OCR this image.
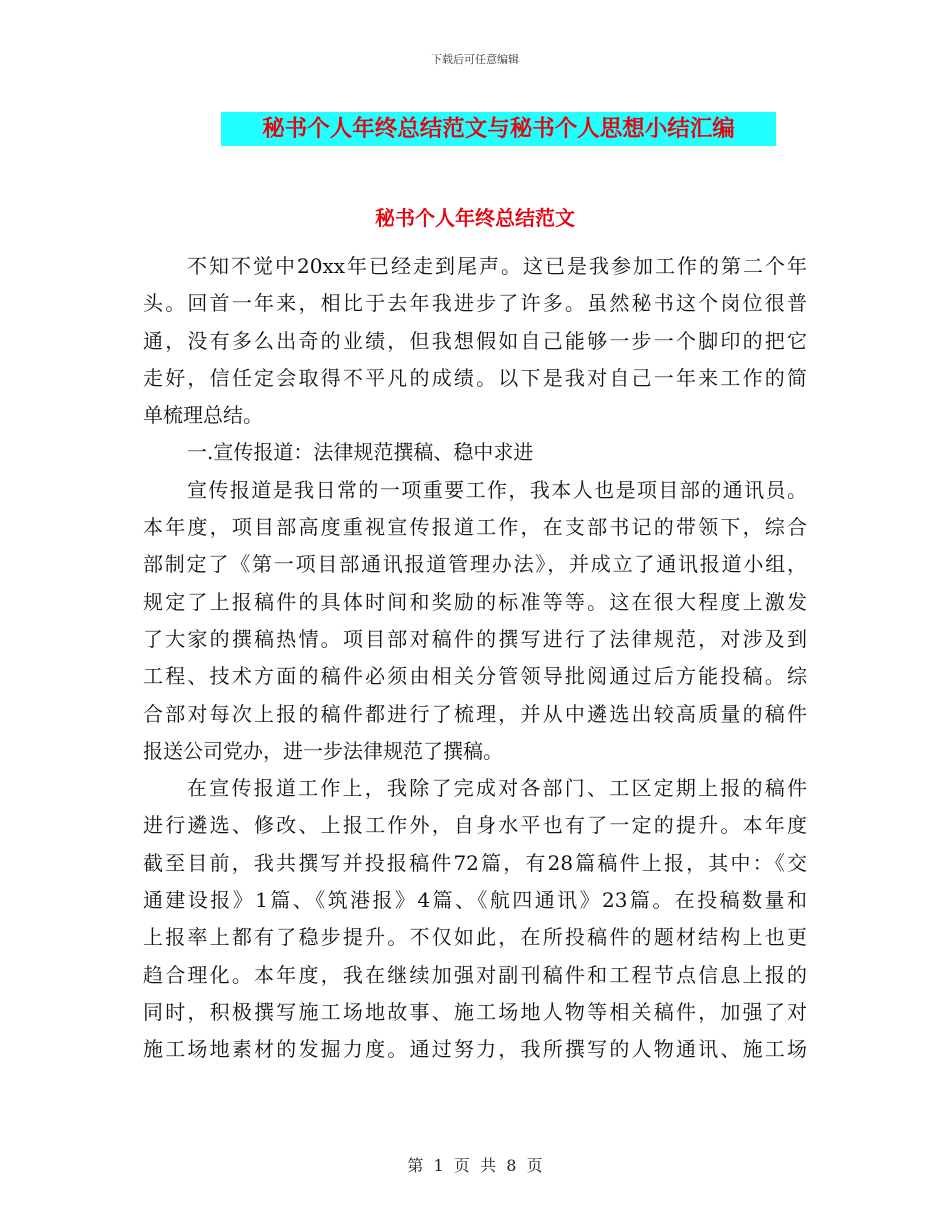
下载后可任意编辑
秘书个人年终总结范文与秘书个人思想小结汇编
秘书个人年终总结范文
不知不觉中20xx年已经走到尾声。这已是我参加工作的第二个年
头。回首一年来，相比于去年我进步了许多。虽然秘书这个岗位很普
通，没有多么出奇的业绩，但我想假如自己能够一步一个脚印的把它
走好，信任定会取得不平凡的成绩。以下是我对自己一年来工作的简
单梳理总结。
一.宣传报道：法律规范撰稿、稳中求进
宣传报道是我日常的一项重要工作，我本人也是项目部的通讯员。
本年度，项目部高度重视宣传报道工作，在支部书记的带领下，综合
部制定了《第一项目部通讯报道管理办法》，并成立了通讯报道小组，
规定了上报稿件的具体时间和奖励的标准等等。这在很大程度上激发
了大家的撰稿热情。项目部对稿件的撰写进行了法律规范，对涉及到
工程、技术方面的稿件必须由相关分管领导批阅通过后方能投稿。综
合部对每次上报的稿件都进行了梳理，并从中遴选出较高质量的稿件
报送公司党办，进一步法律规范了撰稿。
在宣传报道工作上，我除了完成对各部门、工区定期上报的稿件
进行遴选、修改、上报工作外，自身水平也有了一定的提升。本年度
截至目前，我共撰写并投报稿件72篇，有28篇稿件上报，其中：《交
通建设报》1篇、《筑港报》4篇、《航四通讯》23篇。在投稿数量和
上报率上都有了稳步提升。不仅如此，在所投稿件的题材结构上也更
趋合理化。本年度，我在继续加强对副刊稿件和工程节点信息上报的
同时，积极撰写施工场地故事、施工场地人物等相关稿件，加强了对
施工场地素材的发掘力度。通过努力，我所撰写的人物通讯、施工场
第  1  页  共  8  页
